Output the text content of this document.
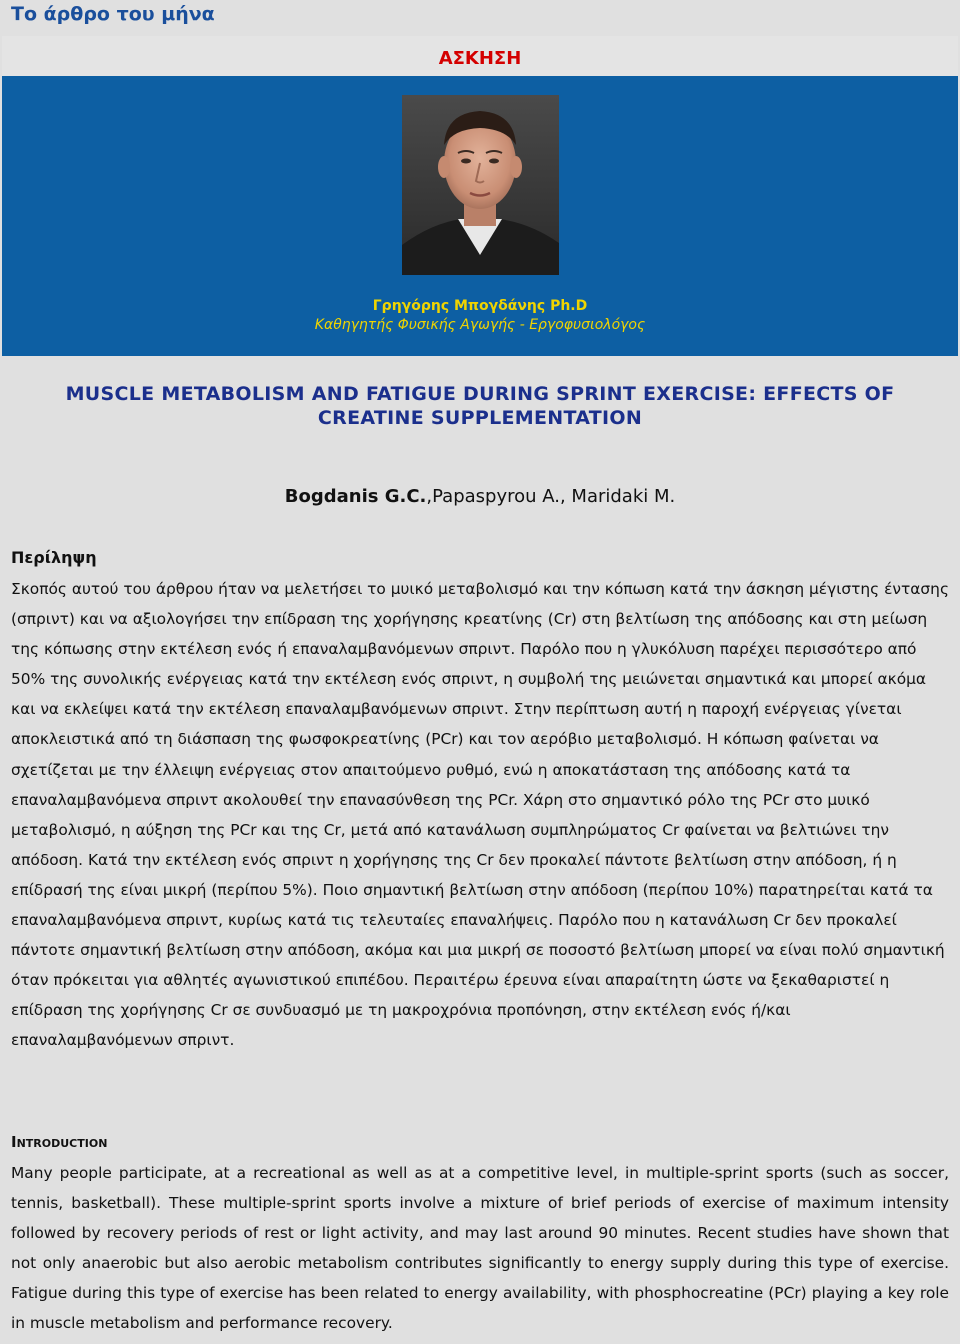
Το άρθρο του μήνα
ΑΣΚΗΣΗ
Γρηγόρης Μπογδάνης Ph.D
Καθηγητής Φυσικής Αγωγής - Εργοφυσιολόγος
MUSCLE METABOLISM AND FATIGUE DURING SPRINT EXERCISE: EFFECTS OF CREATINE SUPPLEMENTATION
Bogdanis G.C.,Papaspyrou A., Maridaki M.
Περίληψη

Σκοπός αυτού του άρθρου ήταν να μελετήσει το μυικό μεταβολισμό και την κόπωση κατά την άσκηση μέγιστης έντασης (σπριντ) και να αξιολογήσει την επίδραση της χορήγησης κρεατίνης (Cr) στη βελτίωση της απόδοσης και στη μείωση της κόπωσης στην εκτέλεση ενός ή επαναλαμβανόμενων σπριντ. Παρόλο που η γλυκόλυση παρέχει περισσότερο από 50% της συνολικής ενέργειας κατά την εκτέλεση ενός σπριντ, η συμβολή της μειώνεται σημαντικά και μπορεί ακόμα και να εκλείψει κατά την εκτέλεση επαναλαμβανόμενων σπριντ. Στην περίπτωση αυτή η παροχή ενέργειας γίνεται αποκλειστικά από τη διάσπαση της φωσφοκρεατίνης (PCr) και τον αερόβιο μεταβολισμό. Η κόπωση φαίνεται να σχετίζεται με την έλλειψη ενέργειας στον απαιτούμενο ρυθμό, ενώ η αποκατάσταση της απόδοσης κατά τα επαναλαμβανόμενα σπριντ ακολουθεί την επανασύνθεση της PCr. Χάρη στο σημαντικό ρόλο της PCr στο μυικό μεταβολισμό, η αύξηση της PCr και της Cr, μετά από κατανάλωση συμπληρώματος Cr φαίνεται να βελτιώνει την απόδοση. Κατά την εκτέλεση ενός σπριντ η χορήγησης της Cr δεν προκαλεί πάντοτε βελτίωση στην απόδοση, ή η επίδρασή της είναι μικρή (περίπου 5%). Ποιο σημαντική βελτίωση στην απόδοση (περίπου 10%) παρατηρείται κατά τα επαναλαμβανόμενα σπριντ, κυρίως κατά τις τελευταίες επαναλήψεις. Παρόλο που η κατανάλωση Cr δεν προκαλεί πάντοτε σημαντική βελτίωση στην απόδοση, ακόμα και μια μικρή σε ποσοστό βελτίωση μπορεί να είναι πολύ σημαντική όταν πρόκειται για αθλητές αγωνιστικού επιπέδου. Περαιτέρω έρευνα είναι απαραίτητη ώστε να ξεκαθαριστεί η επίδραση της χορήγησης Cr σε συνδυασμό με τη μακροχρόνια προπόνηση, στην εκτέλεση ενός ή/και επαναλαμβανόμενων σπριντ.

Introduction

Many people participate, at a recreational as well as at a competitive level, in multiple-sprint sports (such as soccer, tennis, basketball). These multiple-sprint sports involve a mixture of brief periods of exercise of maximum intensity followed by recovery periods of rest or light activity, and may last around 90 minutes. Recent studies have shown that not only anaerobic but also aerobic metabolism contributes significantly to energy supply during this type of exercise. Fatigue during this type of exercise has been related to energy availability, with phosphocreatine (PCr) playing a key role in muscle metabolism and performance recovery.
